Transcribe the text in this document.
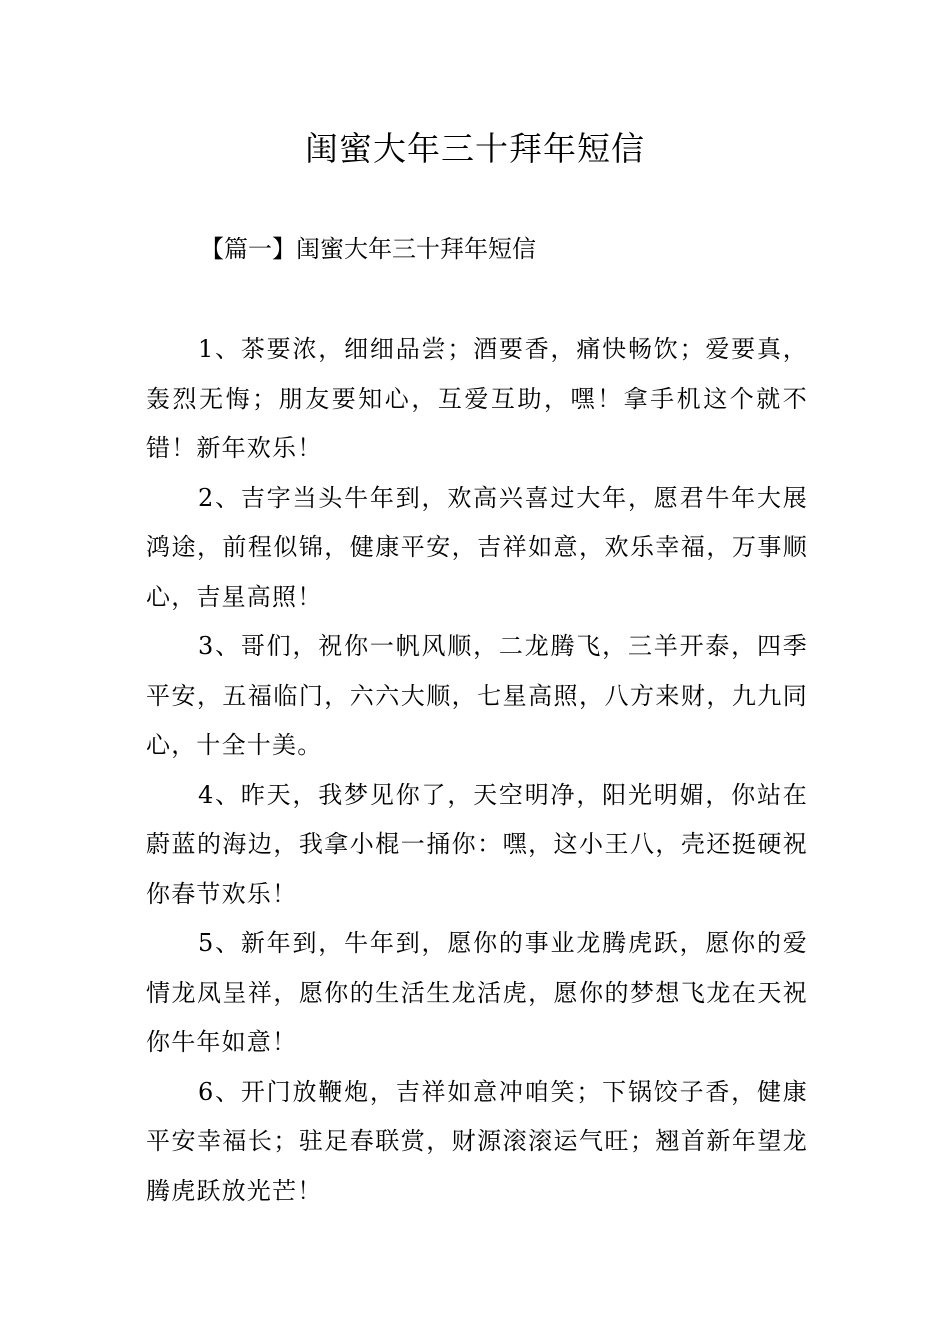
闺蜜大年三十拜年短信
【篇一】闺蜜大年三十拜年短信

1、茶要浓，细细品尝；酒要香，痛快畅饮；爱要真，轰烈无悔；朋友要知心，互爱互助，嘿！拿手机这个就不错！新年欢乐！

2、吉字当头牛年到，欢高兴喜过大年，愿君牛年大展鸿途，前程似锦，健康平安，吉祥如意，欢乐幸福，万事顺心，吉星高照！

3、哥们，祝你一帆风顺，二龙腾飞，三羊开泰，四季平安，五福临门，六六大顺，七星高照，八方来财，九九同心，十全十美。

4、昨天，我梦见你了，天空明净，阳光明媚，你站在蔚蓝的海边，我拿小棍一捅你：嘿，这小王八，壳还挺硬祝你春节欢乐！

5、新年到，牛年到，愿你的事业龙腾虎跃，愿你的爱情龙凤呈祥，愿你的生活生龙活虎，愿你的梦想飞龙在天祝你牛年如意！

6、开门放鞭炮，吉祥如意冲咱笑；下锅饺子香，健康平安幸福长；驻足春联赏，财源滚滚运气旺；翘首新年望龙腾虎跃放光芒！
